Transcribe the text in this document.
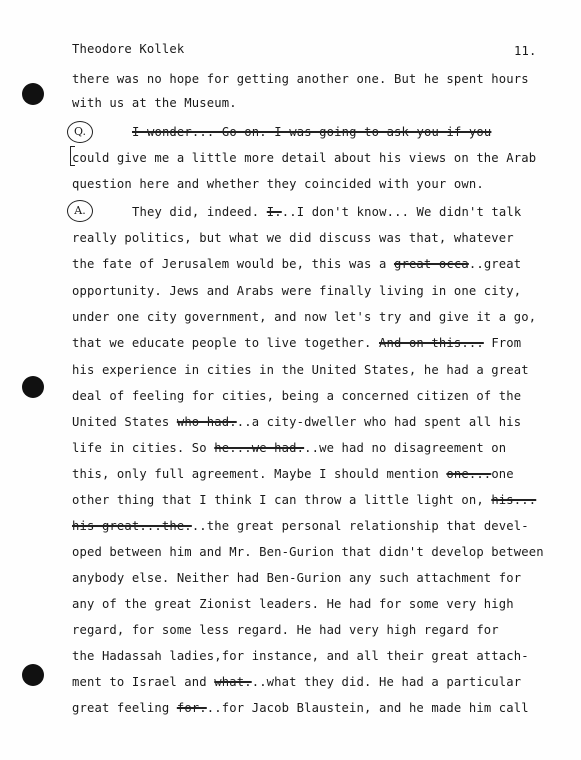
Theodore Kollek	11.
Q.
A.
there was no hope for getting another one. But he spent hours
with us at the Museum.
I wonder... Go on. I was going to ask you if you
could give me a little more detail about his views on the Arab
question here and whether they coincided with your own.
They did, indeed. I...I don't know... We didn't talk
really politics, but what we did discuss was that, whatever
the fate of Jerusalem would be, this was a great occa..great
opportunity. Jews and Arabs were finally living in one city,
under one city government, and now let's try and give it a go,
that we educate people to live together. And on this... From
his experience in cities in the United States, he had a great
deal of feeling for cities, being a concerned citizen of the
United States who had...a city-dweller who had spent all his
life in cities. So he...we had...we had no disagreement on
this, only full agreement. Maybe I should mention one...one
other thing that I think I can throw a little light on, his...
his great...the...the great personal relationship that devel-
oped between him and Mr. Ben-Gurion that didn't develop between
anybody else. Neither had Ben-Gurion any such attachment for
any of the great Zionist leaders. He had for some very high
regard, for some less regard. He had very high regard for
the Hadassah ladies,for instance, and all their great attach-
ment to Israel and what...what they did. He had a particular
great feeling for...for Jacob Blaustein, and he made him call
